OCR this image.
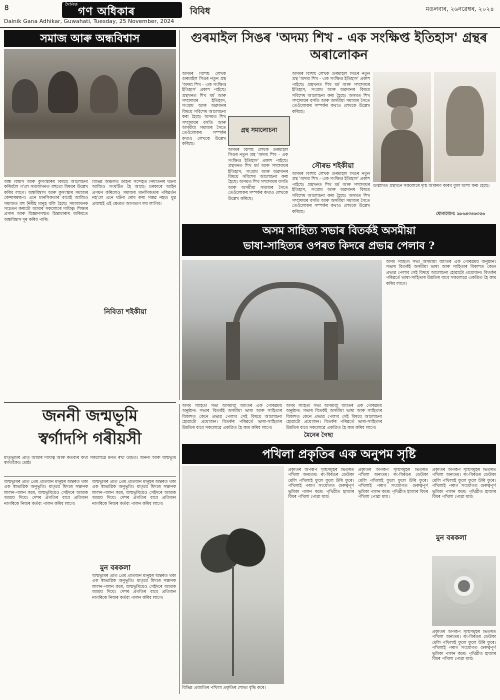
৪	দৈনিক গণ অধিকাৰ	বিবিধ
Dainik Gana Adhikar, Guwahati, Tuesday, 25 November, 2024
মঙলবাৰ, ২৬নৱেম্বৰ, ২০২৪
সমাজ আৰু অন্ধবিশ্বাস
অন্ধ বিশ্বাস আৰু কুসংস্কাৰৰ বিষয়ে আলোচনা কৰিবলৈ গ'লে সমাজখনত বহুতো বিষয়ৰ উল্লেখ কৰিব লাগে। অন্ধবিশ্বাস আৰু কুসংস্কাৰ সমাজৰ কেন্সাৰস্বৰূপ। এনে মানসিকতাৰ বাবেই আজিও সমাজত বহু নিৰীহ মানুহ বলি হৈছে। সমাজখনক সচেতন কৰাটো আমাৰ সকলোৰে দায়িত্ব। শিক্ষাৰ প্ৰসাৰ আৰু বিজ্ঞানসন্মত চিন্তাধাৰাৰ জৰিয়তে অন্ধবিশ্বাস দূৰ কৰিব পাৰি।
বিভিন্ন অঞ্চলত ডাইনী সন্দেহত নিৰ্যাতনৰ ঘটনা আজিও সংঘটিত হৈ আছে। চৰকাৰে আইন প্ৰণয়ন কৰিলেও সমাজৰ মানসিকতাৰ পৰিৱৰ্তন নহ'লে এনে ঘটনা ৰোধ কৰা সম্ভৱ নহয়। যুৱ প্ৰজন্মই এই ক্ষেত্ৰত আগভাগ লব লাগিব।
নিবিতা শইকীয়া
গুৰমাইল সিঙৰ 'অদম্য শিখ - এক সংক্ষিপ্ত ইতিহাস' গ্ৰন্থৰ অৰালোকন
অসমৰ বিশিষ্ট লেখক গুৰমাইল সিঙৰ নতুন গ্ৰন্থ 'অদম্য শিখ - এক সংক্ষিপ্ত ইতিহাস' প্ৰকাশ পাইছে। গ্ৰন্থখনত শিখ ধৰ্ম আৰু সম্প্ৰদায়ৰ ইতিহাস, সংগ্ৰাম আৰু অৱদানৰ বিষয়ে সবিশেষ আলোচনা কৰা হৈছে। অসমত শিখ সম্প্ৰদায়ৰ বসতি আৰু অসমীয়া সমাজৰ সৈতে তেওঁলোকৰ সম্পৰ্কৰ কথাও লেখকে উল্লেখ কৰিছে।
গ্ৰন্থ সমালোচনা
অসমৰ বিশিষ্ট লেখক গুৰমাইল সিঙৰ নতুন গ্ৰন্থ 'অদম্য শিখ - এক সংক্ষিপ্ত ইতিহাস' প্ৰকাশ পাইছে। গ্ৰন্থখনত শিখ ধৰ্ম আৰু সম্প্ৰদায়ৰ ইতিহাস, সংগ্ৰাম আৰু অৱদানৰ বিষয়ে সবিশেষ আলোচনা কৰা হৈছে। অসমত শিখ সম্প্ৰদায়ৰ বসতি আৰু অসমীয়া সমাজৰ সৈতে তেওঁলোকৰ সম্পৰ্কৰ কথাও লেখকে উল্লেখ কৰিছে।
অসমৰ বিশিষ্ট লেখক গুৰমাইল সিঙৰ নতুন গ্ৰন্থ 'অদম্য শিখ - এক সংক্ষিপ্ত ইতিহাস' প্ৰকাশ পাইছে। গ্ৰন্থখনত শিখ ধৰ্ম আৰু সম্প্ৰদায়ৰ ইতিহাস, সংগ্ৰাম আৰু অৱদানৰ বিষয়ে সবিশেষ আলোচনা কৰা হৈছে। অসমত শিখ সম্প্ৰদায়ৰ বসতি আৰু অসমীয়া সমাজৰ সৈতে তেওঁলোকৰ সম্পৰ্কৰ কথাও লেখকে উল্লেখ কৰিছে।
সৌৰভ শইকীয়া
অসমৰ বিশিষ্ট লেখক গুৰমাইল সিঙৰ নতুন গ্ৰন্থ 'অদম্য শিখ - এক সংক্ষিপ্ত ইতিহাস' প্ৰকাশ পাইছে। গ্ৰন্থখনত শিখ ধৰ্ম আৰু সম্প্ৰদায়ৰ ইতিহাস, সংগ্ৰাম আৰু অৱদানৰ বিষয়ে সবিশেষ আলোচনা কৰা হৈছে। অসমত শিখ সম্প্ৰদায়ৰ বসতি আৰু অসমীয়া সমাজৰ সৈতে তেওঁলোকৰ সম্পৰ্কৰ কথাও লেখকে উল্লেখ কৰিছে।
উল্লিখিত গ্ৰন্থখনে সকলোৰে দৃষ্টি আকৰ্ষণ কৰিব বুলি আশা কৰা হৈছে।
যোগাযোগ: ৯৮৬৪৩৪৬৩৫৬
অসম সাহিত্য সভাৰ বিতৰ্কই অসমীয়া
ভাষা-সাহিত্যৰ ওপৰত কিদৰে প্ৰভাৱ পেলাব ?
অসম সাহিত্য সভা অসমীয়া জাতিৰ এক গৌৰৱময় অনুষ্ঠান। সভাৰ বিতৰ্কই অসমীয়া ভাষা আৰু সাহিত্যৰ বিকাশত কেনে প্ৰভাৱ পেলাব সেই বিষয়ে আলোচনা হোৱাটো প্ৰয়োজন। বিতৰ্কৰ পৰিৱৰ্তে ভাষা-সাহিত্যৰ উন্নতিৰ বাবে সকলোৱে একত্ৰিত হৈ কাম কৰিব লাগে।
অসম সাহিত্য সভা অসমীয়া জাতিৰ এক গৌৰৱময় অনুষ্ঠান। সভাৰ বিতৰ্কই অসমীয়া ভাষা আৰু সাহিত্যৰ বিকাশত কেনে প্ৰভাৱ পেলাব সেই বিষয়ে আলোচনা হোৱাটো প্ৰয়োজন। বিতৰ্কৰ পৰিৱৰ্তে ভাষা-সাহিত্যৰ উন্নতিৰ বাবে সকলোৱে একত্ৰিত হৈ কাম কৰিব লাগে।
অসম সাহিত্য সভা অসমীয়া জাতিৰ এক গৌৰৱময় অনুষ্ঠান। সভাৰ বিতৰ্কই অসমীয়া ভাষা আৰু সাহিত্যৰ বিকাশত কেনে প্ৰভাৱ পেলাব সেই বিষয়ে আলোচনা হোৱাটো প্ৰয়োজন। বিতৰ্কৰ পৰিৱৰ্তে ভাষা-সাহিত্যৰ উন্নতিৰ বাবে সকলোৱে একত্ৰিত হৈ কাম কৰিব লাগে।
মৈনেৰ গৈছা
জননী জন্মভূমি
স্বৰ্গাদপি গৰীয়সী
মাতৃভূমিৰ প্ৰতি আমাৰ দায়িত্ব আৰু কৰ্তব্যৰ কথা সকলোৱে মনত ৰখা উচিত। জননী আৰু জন্মভূমি স্বৰ্গতকৈও শ্ৰেষ্ঠ।
জন্মভূমিৰ প্ৰতি প্ৰেম প্ৰতিজন মানুহৰ অন্তৰত থকা এক স্বাভাৱিক অনুভূতি। মাতৃয়ে যিদৰে সন্তানক লালন-পালন কৰে, জন্মভূমিয়েও সেইদৰে আমাক আশ্ৰয় দিয়ে। দেশৰ প্ৰগতিৰ বাবে প্ৰতিজন নাগৰিকে নিজৰ কৰ্তব্য পালন কৰিব লাগে।
জন্মভূমিৰ প্ৰতি প্ৰেম প্ৰতিজন মানুহৰ অন্তৰত থকা এক স্বাভাৱিক অনুভূতি। মাতৃয়ে যিদৰে সন্তানক লালন-পালন কৰে, জন্মভূমিয়েও সেইদৰে আমাক আশ্ৰয় দিয়ে। দেশৰ প্ৰগতিৰ বাবে প্ৰতিজন নাগৰিকে নিজৰ কৰ্তব্য পালন কৰিব লাগে।
মুন বৰকলা
জন্মভূমিৰ প্ৰতি প্ৰেম প্ৰতিজন মানুহৰ অন্তৰত থকা এক স্বাভাৱিক অনুভূতি। মাতৃয়ে যিদৰে সন্তানক লালন-পালন কৰে, জন্মভূমিয়েও সেইদৰে আমাক আশ্ৰয় দিয়ে। দেশৰ প্ৰগতিৰ বাবে প্ৰতিজন নাগৰিকে নিজৰ কৰ্তব্য পালন কৰিব লাগে।
পখিলা প্ৰকৃতিৰ এক অনুপম সৃষ্টি
বিভিন্ন প্ৰজাতিৰ পখিলা প্ৰকৃতিৰ শোভা বৃদ্ধি কৰে।
প্ৰকৃতিৰ অপৰূপ সৃষ্টিসমূহৰ ভিতৰত পখিলা অন্যতম। ৰং-বিৰঙৰ ডেউকা মেলি পখিলাই ফুলে ফুলে উৰি ফুৰে। পখিলাই পৰাগ সংযোগত গুৰুত্বপূৰ্ণ ভূমিকা পালন কৰে। পৃথিৱীত হাজাৰ বিধৰ পখিলা পোৱা যায়।
প্ৰকৃতিৰ অপৰূপ সৃষ্টিসমূহৰ ভিতৰত পখিলা অন্যতম। ৰং-বিৰঙৰ ডেউকা মেলি পখিলাই ফুলে ফুলে উৰি ফুৰে। পখিলাই পৰাগ সংযোগত গুৰুত্বপূৰ্ণ ভূমিকা পালন কৰে। পৃথিৱীত হাজাৰ বিধৰ পখিলা পোৱা যায়।
প্ৰকৃতিৰ অপৰূপ সৃষ্টিসমূহৰ ভিতৰত পখিলা অন্যতম। ৰং-বিৰঙৰ ডেউকা মেলি পখিলাই ফুলে ফুলে উৰি ফুৰে। পখিলাই পৰাগ সংযোগত গুৰুত্বপূৰ্ণ ভূমিকা পালন কৰে। পৃথিৱীত হাজাৰ বিধৰ পখিলা পোৱা যায়।
মুন বৰকলা
প্ৰকৃতিৰ অপৰূপ সৃষ্টিসমূহৰ ভিতৰত পখিলা অন্যতম। ৰং-বিৰঙৰ ডেউকা মেলি পখিলাই ফুলে ফুলে উৰি ফুৰে। পখিলাই পৰাগ সংযোগত গুৰুত্বপূৰ্ণ ভূমিকা পালন কৰে। পৃথিৱীত হাজাৰ বিধৰ পখিলা পোৱা যায়।
